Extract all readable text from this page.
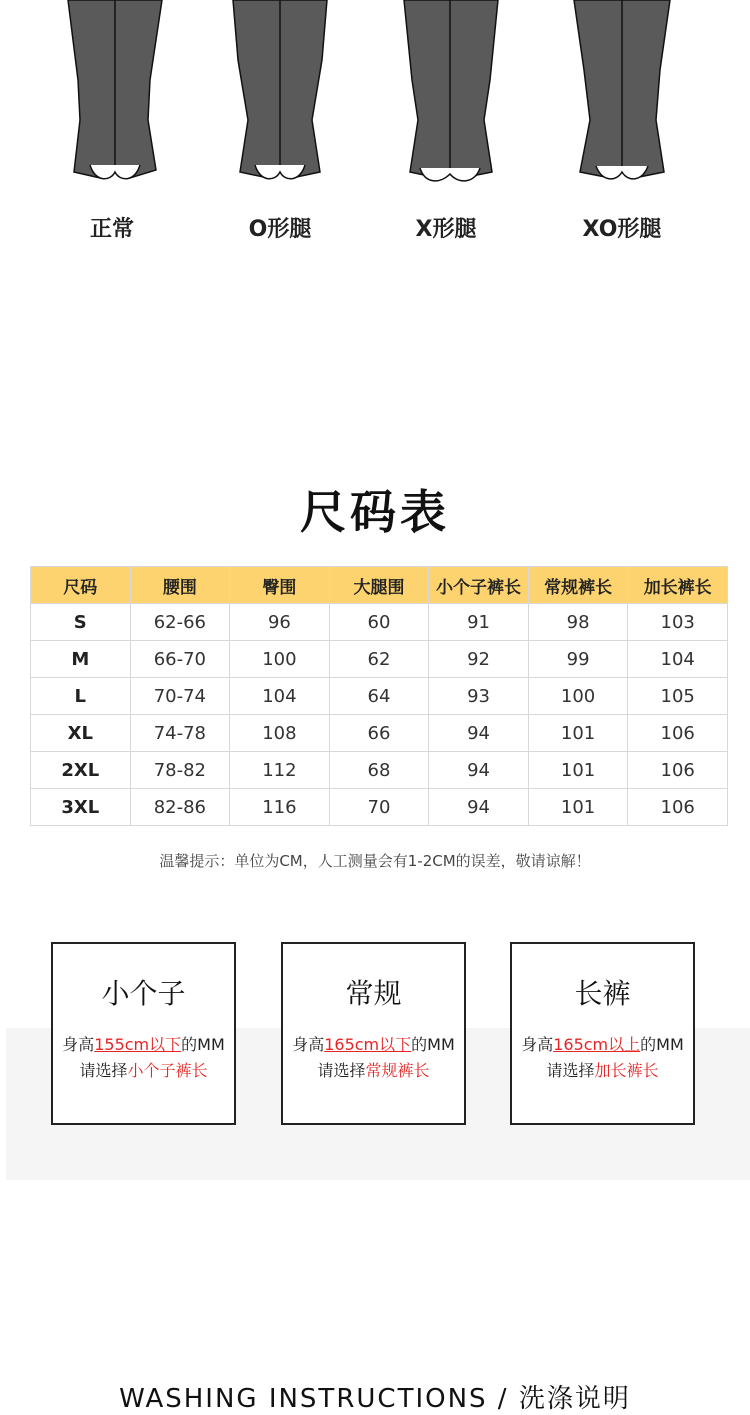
正常	O形腿	X形腿	XO形腿
尺码表
尺码	腰围	臀围	大腿围	小个子裤长	常规裤长	加长裤长
S	62-66	96	60	91	98	103
M	66-70	100	62	92	99	104
L	70-74	104	64	93	100	105
XL	74-78	108	66	94	101	106
2XL	78-82	112	68	94	101	106
3XL	82-86	116	70	94	101	106
温馨提示：单位为CM，人工测量会有1-2CM的误差，敬请谅解！
小个子
身高155cm以下的MM
请选择小个子裤长
常规
身高165cm以下的MM
请选择常规裤长
长裤
身高165cm以上的MM
请选择加长裤长
WASHING INSTRUCTIONS / 洗涤说明
